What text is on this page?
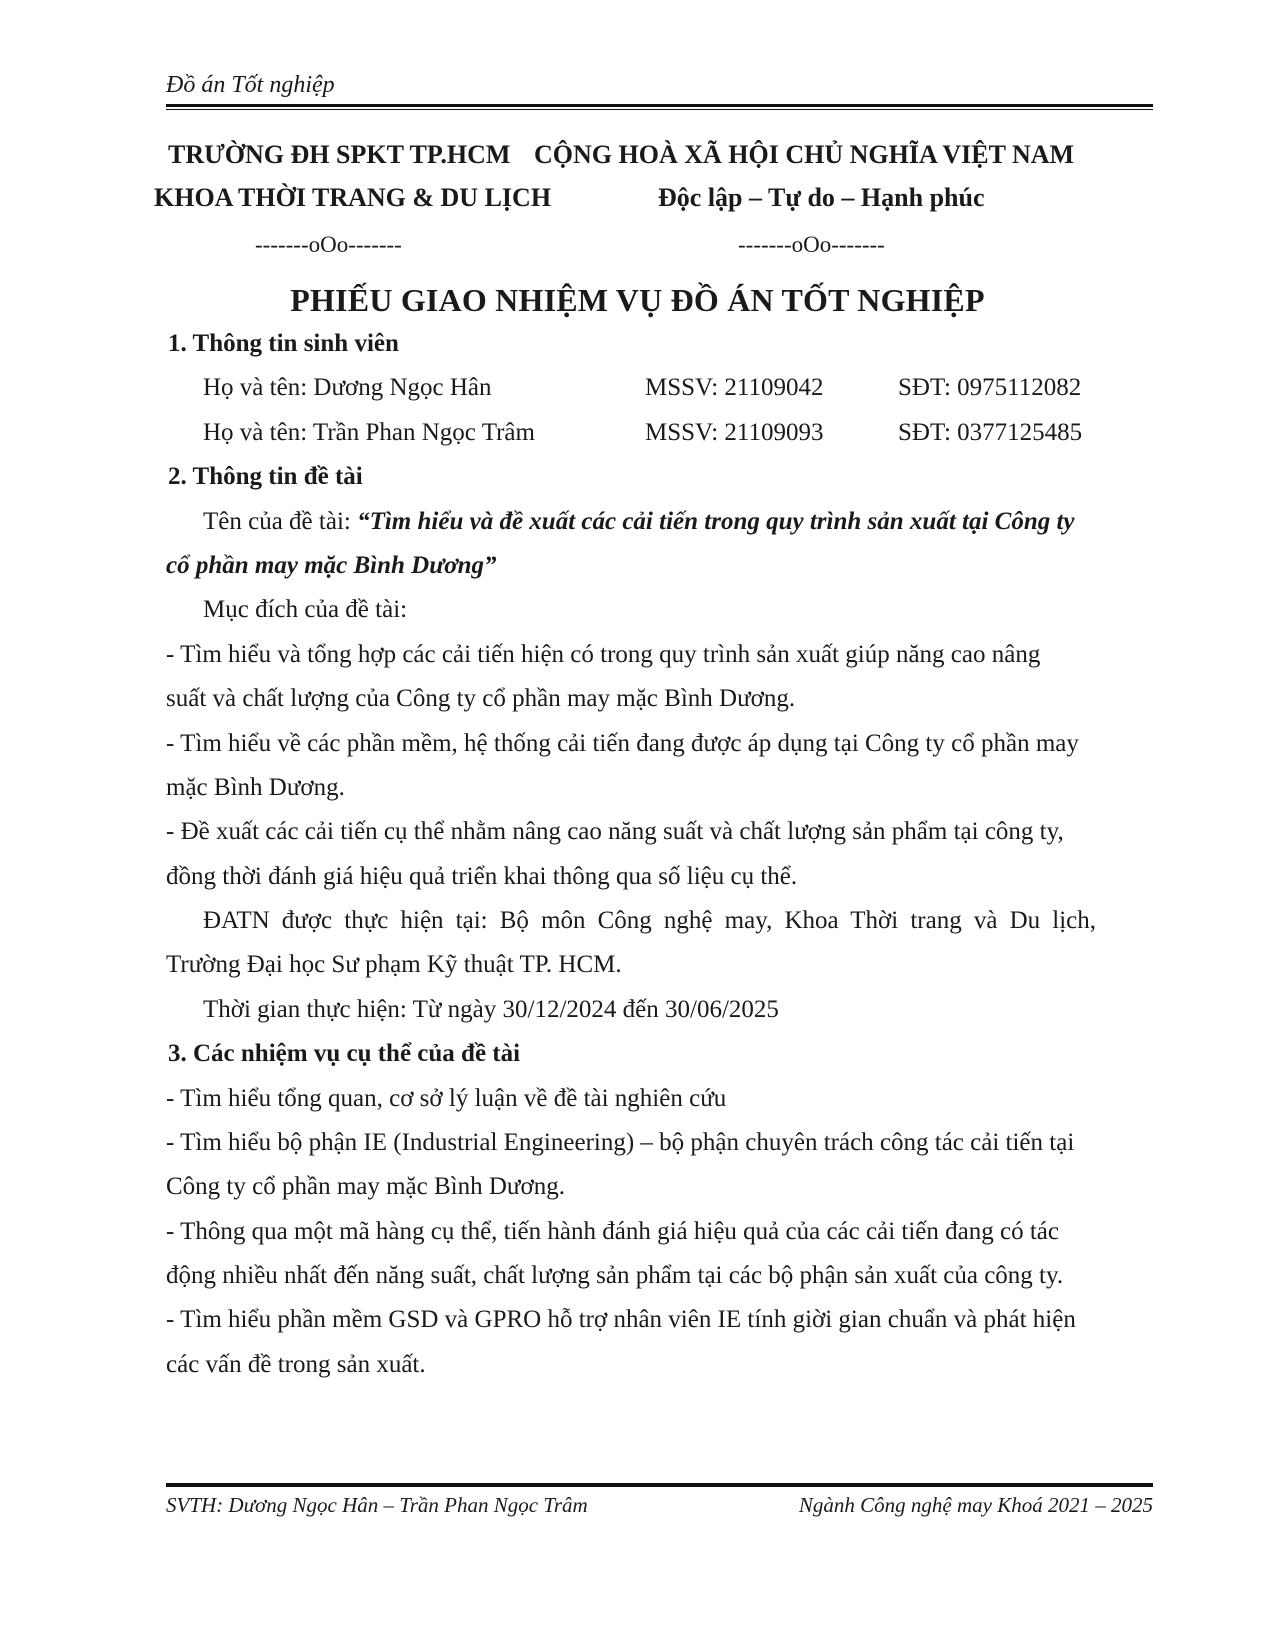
Đồ án Tốt nghiệp
TRƯỜNG ĐH SPKT TP.HCM CỘNG HOÀ XÃ HỘI CHỦ NGHĨA VIỆT NAM
KHOA THỜI TRANG & DU LỊCH	Độc lập – Tự do – Hạnh phúc
-------oOo-------	-------oOo-------
PHIẾU GIAO NHIỆM VỤ ĐỒ ÁN TỐT NGHIỆP
1. Thông tin sinh viên
Họ và tên: Dương Ngọc Hân	MSSV: 21109042	SĐT: 0975112082
Họ và tên: Trần Phan Ngọc Trâm	MSSV: 21109093	SĐT: 0377125485
2. Thông tin đề tài
Tên của đề tài: “Tìm hiểu và đề xuất các cải tiến trong quy trình sản xuất tại Công ty
cổ phần may mặc Bình Dương”
Mục đích của đề tài:
- Tìm hiểu và tổng hợp các cải tiến hiện có trong quy trình sản xuất giúp năng cao nâng
suất và chất lượng của Công ty cổ phần may mặc Bình Dương.
- Tìm hiểu về các phần mềm, hệ thống cải tiến đang được áp dụng tại Công ty cổ phần may
mặc Bình Dương.
- Đề xuất các cải tiến cụ thể nhằm nâng cao năng suất và chất lượng sản phẩm tại công ty,
đồng thời đánh giá hiệu quả triển khai thông qua số liệu cụ thể.
ĐATN được thực hiện tại: Bộ môn Công nghệ may, Khoa Thời trang và Du lịch,
Trường Đại học Sư phạm Kỹ thuật TP. HCM.
Thời gian thực hiện: Từ ngày 30/12/2024 đến 30/06/2025
3. Các nhiệm vụ cụ thể của đề tài
- Tìm hiểu tổng quan, cơ sở lý luận về đề tài nghiên cứu
- Tìm hiểu bộ phận IE (Industrial Engineering) – bộ phận chuyên trách công tác cải tiến tại
Công ty cổ phần may mặc Bình Dương.
- Thông qua một mã hàng cụ thể, tiến hành đánh giá hiệu quả của các cải tiến đang có tác
động nhiều nhất đến năng suất, chất lượng sản phẩm tại các bộ phận sản xuất của công ty.
- Tìm hiểu phần mềm GSD và GPRO hỗ trợ nhân viên IE tính giời gian chuẩn và phát hiện
các vấn đề trong sản xuất.
SVTH: Dương Ngọc Hân – Trần Phan Ngọc Trâm	Ngành Công nghệ may Khoá 2021 – 2025
